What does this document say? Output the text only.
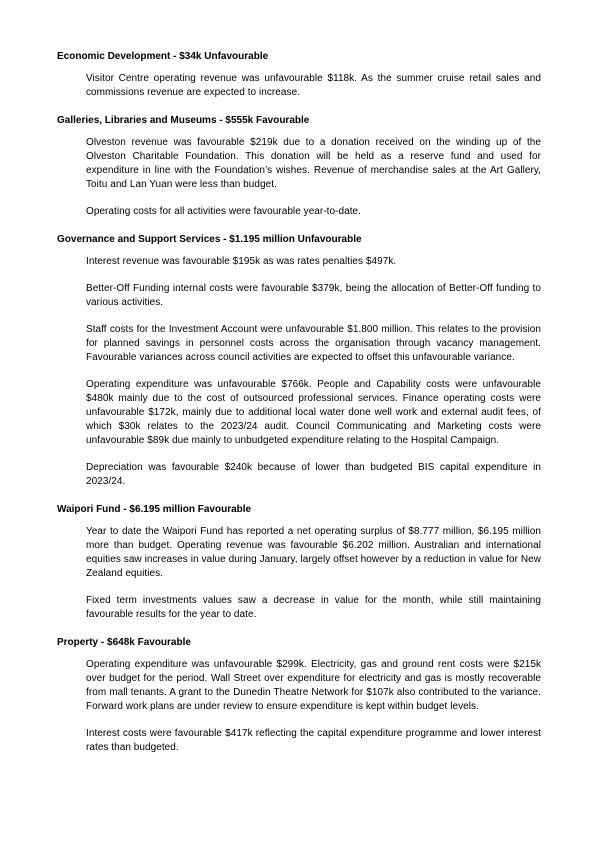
Economic Development - $34k Unfavourable

Visitor Centre operating revenue was unfavourable $118k. As the summer cruise retail sales and commissions revenue are expected to increase.

Galleries, Libraries and Museums - $555k Favourable

Olveston revenue was favourable $219k due to a donation received on the winding up of the Olveston Charitable Foundation. This donation will be held as a reserve fund and used for expenditure in line with the Foundation’s wishes. Revenue of merchandise sales at the Art Gallery, Toitu and Lan Yuan were less than budget.

Operating costs for all activities were favourable year-to-date.

Governance and Support Services - $1.195 million Unfavourable

Interest revenue was favourable $195k as was rates penalties $497k.

Better-Off Funding internal costs were favourable $379k, being the allocation of Better-Off funding to various activities.

Staff costs for the Investment Account were unfavourable $1.800 million. This relates to the provision for planned savings in personnel costs across the organisation through vacancy management. Favourable variances across council activities are expected to offset this unfavourable variance.

Operating expenditure was unfavourable $766k. People and Capability costs were unfavourable $480k mainly due to the cost of outsourced professional services. Finance operating costs were unfavourable $172k, mainly due to additional local water done well work and external audit fees, of which $30k relates to the 2023/24 audit. Council Communicating and Marketing costs were unfavourable $89k due mainly to unbudgeted expenditure relating to the Hospital Campaign.

Depreciation was favourable $240k because of lower than budgeted BIS capital expenditure in 2023/24.

Waipori Fund - $6.195 million Favourable

Year to date the Waipori Fund has reported a net operating surplus of $8.777 million, $6.195 million more than budget. Operating revenue was favourable $6.202 million. Australian and international equities saw increases in value during January, largely offset however by a reduction in value for New Zealand equities.

Fixed term investments values saw a decrease in value for the month, while still maintaining favourable results for the year to date.

Property - $648k Favourable

Operating expenditure was unfavourable $299k. Electricity, gas and ground rent costs were $215k over budget for the period. Wall Street over expenditure for electricity and gas is mostly recoverable from mall tenants. A grant to the Dunedin Theatre Network for $107k also contributed to the variance. Forward work plans are under review to ensure expenditure is kept within budget levels.

Interest costs were favourable $417k reflecting the capital expenditure programme and lower interest rates than budgeted.
